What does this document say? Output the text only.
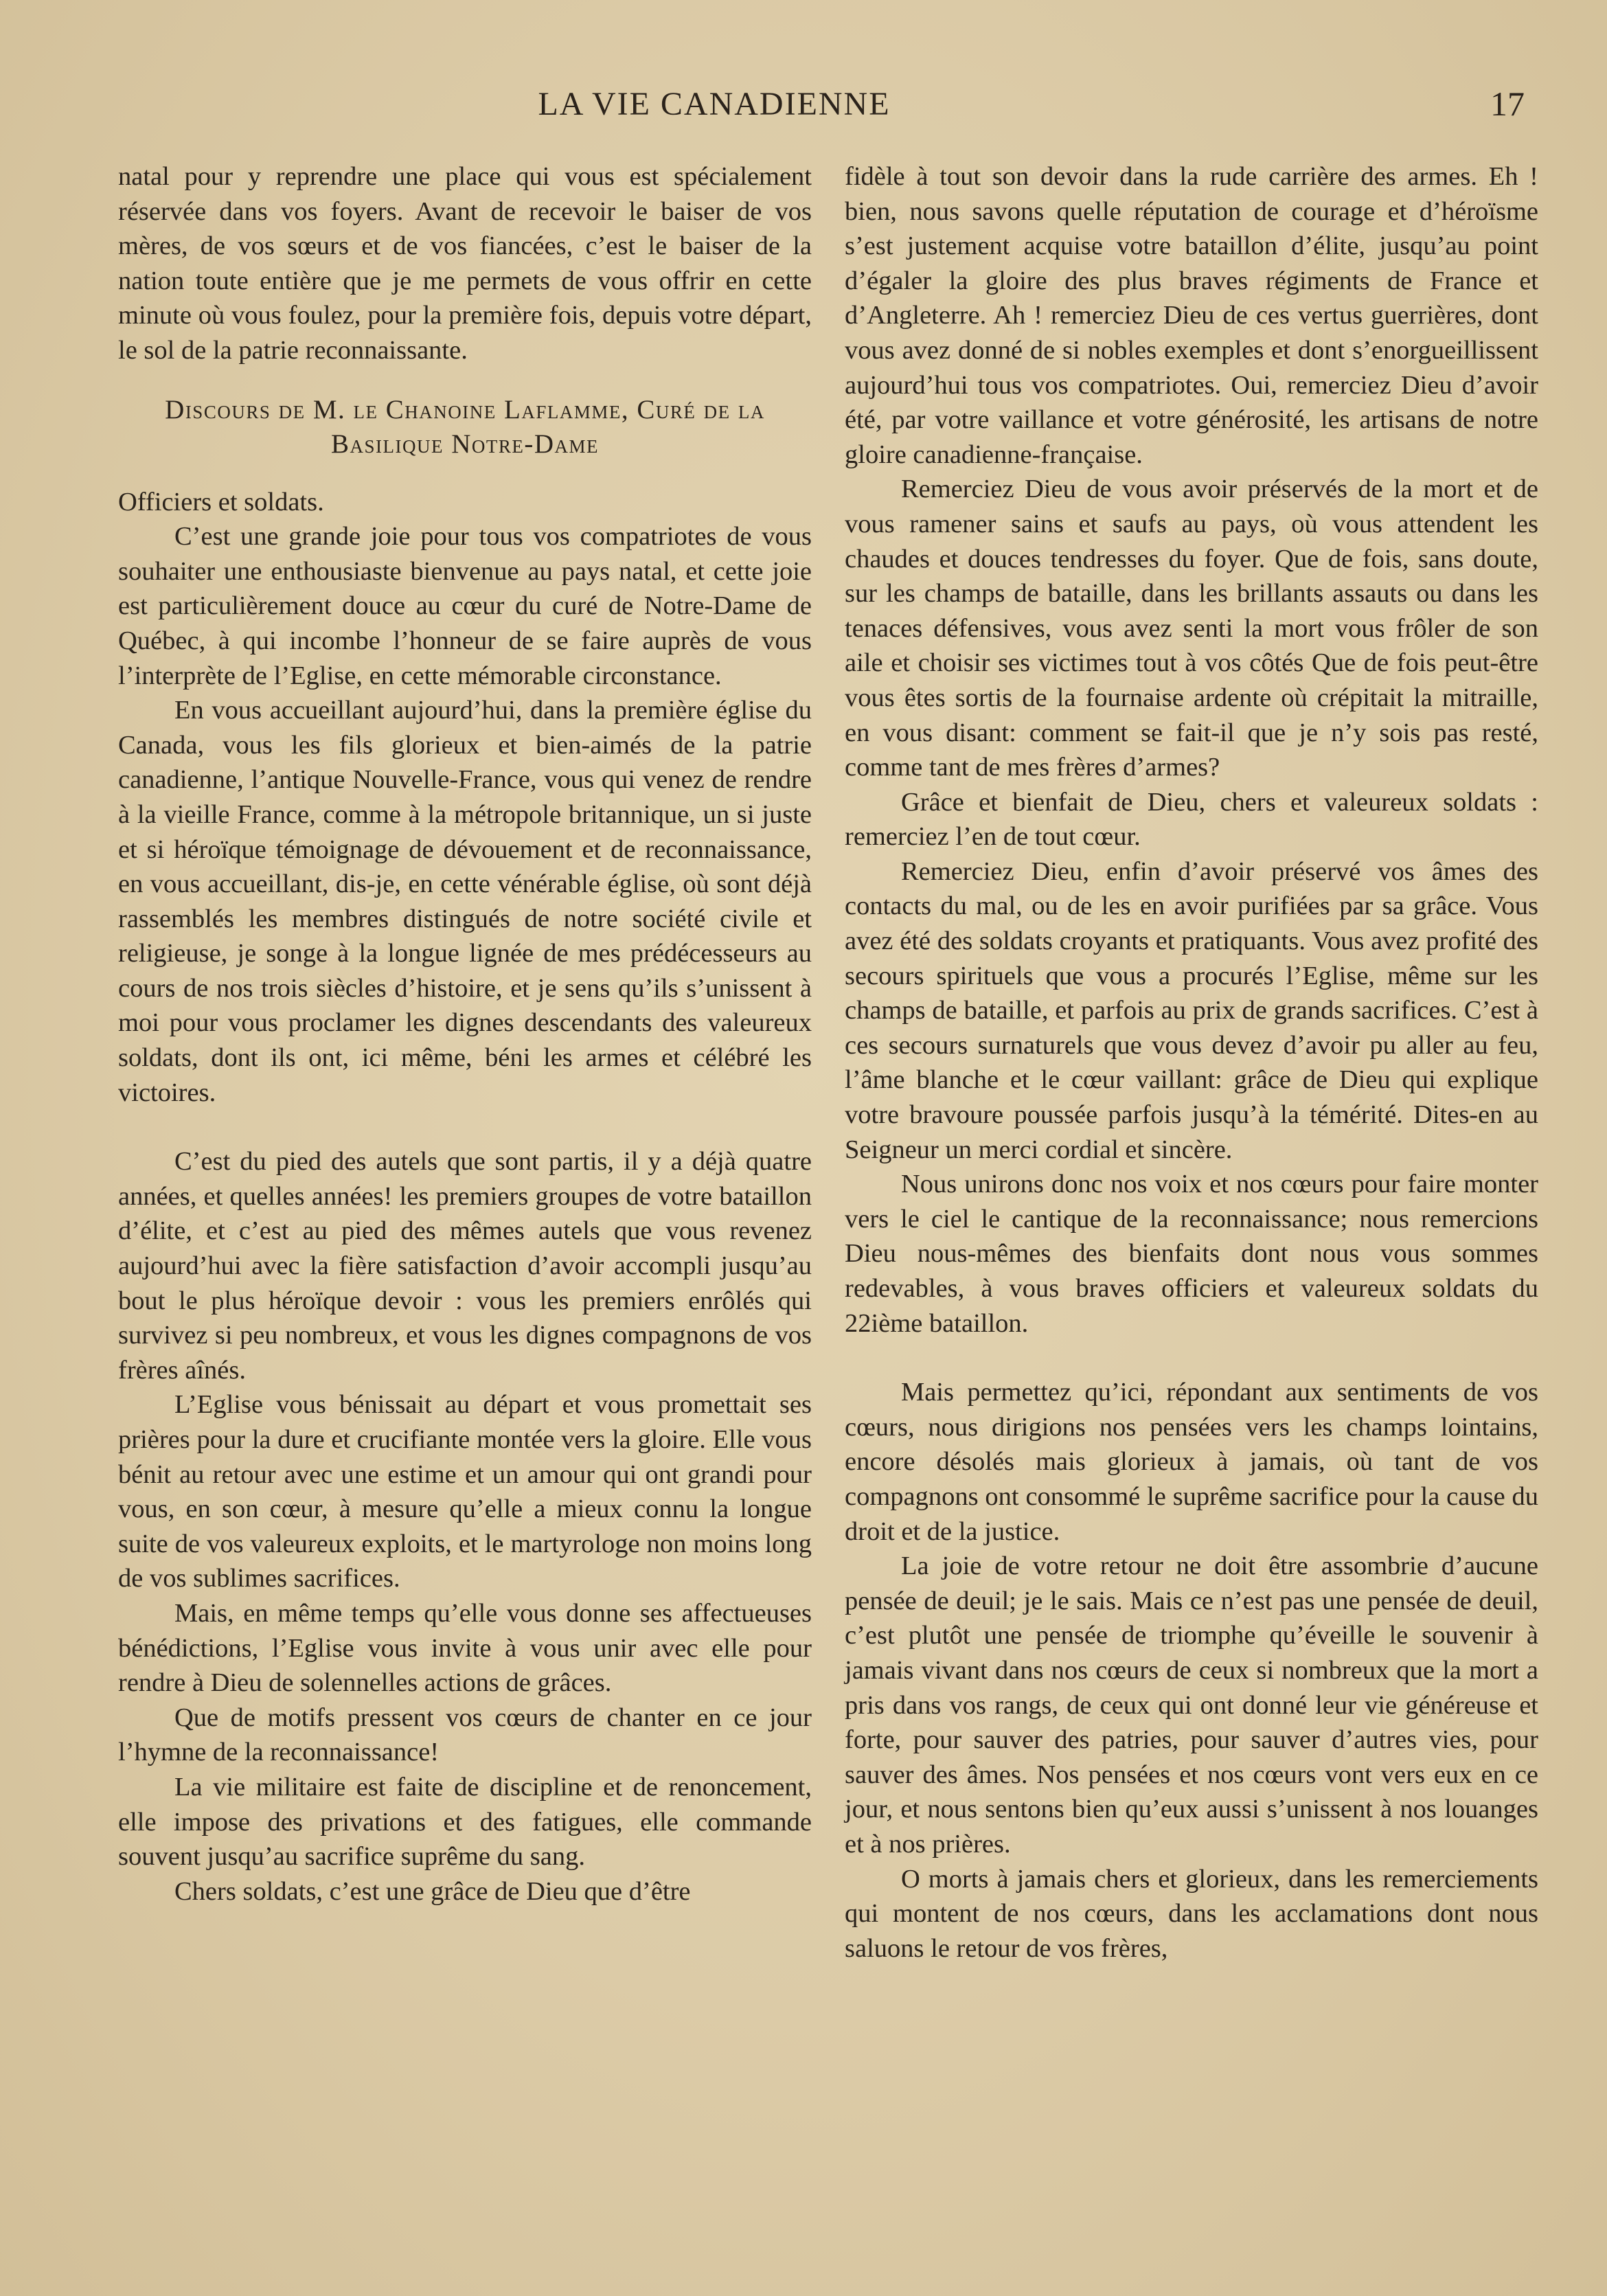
LA VIE CANADIENNE	17

natal pour y reprendre une place qui vous est spécialement réservée dans vos foyers. Avant de recevoir le baiser de vos mères, de vos sœurs et de vos fiancées, c’est le baiser de la nation toute entière que je me permets de vous offrir en cette minute où vous foulez, pour la première fois, depuis votre départ, le sol de la patrie reconnaissante.

Discours de M. le Chanoine Laflamme, Curé de la Basilique Notre-Dame

Officiers et soldats.

C’est une grande joie pour tous vos compatriotes de vous souhaiter une enthousiaste bienvenue au pays natal, et cette joie est particulièrement douce au cœur du curé de Notre-Dame de Québec, à qui incombe l’honneur de se faire auprès de vous l’interprète de l’Eglise, en cette mémorable circonstance.

En vous accueillant aujourd’hui, dans la première église du Canada, vous les fils glorieux et bien-aimés de la patrie canadienne, l’antique Nouvelle-France, vous qui venez de rendre à la vieille France, comme à la métropole britannique, un si juste et si héroïque témoignage de dévouement et de reconnaissance, en vous accueillant, dis-je, en cette vénérable église, où sont déjà rassemblés les membres distingués de notre société civile et religieuse, je songe à la longue lignée de mes prédécesseurs au cours de nos trois siècles d’histoire, et je sens qu’ils s’unissent à moi pour vous proclamer les dignes descendants des valeureux soldats, dont ils ont, ici même, béni les armes et célébré les victoires.

C’est du pied des autels que sont partis, il y a déjà quatre années, et quelles années! les premiers groupes de votre bataillon d’élite, et c’est au pied des mêmes autels que vous revenez aujourd’hui avec la fière satisfaction d’avoir accompli jusqu’au bout le plus héroïque devoir : vous les premiers enrôlés qui survivez si peu nombreux, et vous les dignes compagnons de vos frères aînés.

L’Eglise vous bénissait au départ et vous promettait ses prières pour la dure et crucifiante montée vers la gloire. Elle vous bénit au retour avec une estime et un amour qui ont grandi pour vous, en son cœur, à mesure qu’elle a mieux connu la longue suite de vos valeureux exploits, et le martyrologe non moins long de vos sublimes sacrifices.

Mais, en même temps qu’elle vous donne ses affectueuses bénédictions, l’Eglise vous invite à vous unir avec elle pour rendre à Dieu de solennelles actions de grâces.

Que de motifs pressent vos cœurs de chanter en ce jour l’hymne de la reconnaissance!

La vie militaire est faite de discipline et de renoncement, elle impose des privations et des fatigues, elle commande souvent jusqu’au sacrifice suprême du sang.

Chers soldats, c’est une grâce de Dieu que d’être

fidèle à tout son devoir dans la rude carrière des armes. Eh ! bien, nous savons quelle réputation de courage et d’héroïsme s’est justement acquise votre bataillon d’élite, jusqu’au point d’égaler la gloire des plus braves régiments de France et d’Angleterre. Ah ! remerciez Dieu de ces vertus guerrières, dont vous avez donné de si nobles exemples et dont s’enorgueillissent aujourd’hui tous vos compatriotes. Oui, remerciez Dieu d’avoir été, par votre vaillance et votre générosité, les artisans de notre gloire canadienne-française.

Remerciez Dieu de vous avoir préservés de la mort et de vous ramener sains et saufs au pays, où vous attendent les chaudes et douces tendresses du foyer. Que de fois, sans doute, sur les champs de bataille, dans les brillants assauts ou dans les tenaces défensives, vous avez senti la mort vous frôler de son aile et choisir ses victimes tout à vos côtés Que de fois peut-être vous êtes sortis de la fournaise ardente où crépitait la mitraille, en vous disant: comment se fait-il que je n’y sois pas resté, comme tant de mes frères d’armes?

Grâce et bienfait de Dieu, chers et valeureux soldats : remerciez l’en de tout cœur.

Remerciez Dieu, enfin d’avoir préservé vos âmes des contacts du mal, ou de les en avoir purifiées par sa grâce. Vous avez été des soldats croyants et pratiquants. Vous avez profité des secours spirituels que vous a procurés l’Eglise, même sur les champs de bataille, et parfois au prix de grands sacrifices. C’est à ces secours surnaturels que vous devez d’avoir pu aller au feu, l’âme blanche et le cœur vaillant: grâce de Dieu qui explique votre bravoure poussée parfois jusqu’à la témérité. Dites-en au Seigneur un merci cordial et sincère.

Nous unirons donc nos voix et nos cœurs pour faire monter vers le ciel le cantique de la reconnaissance; nous remercions Dieu nous-mêmes des bienfaits dont nous vous sommes redevables, à vous braves officiers et valeureux soldats du 22ième bataillon.

Mais permettez qu’ici, répondant aux sentiments de vos cœurs, nous dirigions nos pensées vers les champs lointains, encore désolés mais glorieux à jamais, où tant de vos compagnons ont consommé le suprême sacrifice pour la cause du droit et de la justice.

La joie de votre retour ne doit être assombrie d’aucune pensée de deuil; je le sais. Mais ce n’est pas une pensée de deuil, c’est plutôt une pensée de triomphe qu’éveille le souvenir à jamais vivant dans nos cœurs de ceux si nombreux que la mort a pris dans vos rangs, de ceux qui ont donné leur vie généreuse et forte, pour sauver des patries, pour sauver d’autres vies, pour sauver des âmes. Nos pensées et nos cœurs vont vers eux en ce jour, et nous sentons bien qu’eux aussi s’unissent à nos louanges et à nos prières.

O morts à jamais chers et glorieux, dans les remerciements qui montent de nos cœurs, dans les acclamations dont nous saluons le retour de vos frères,
